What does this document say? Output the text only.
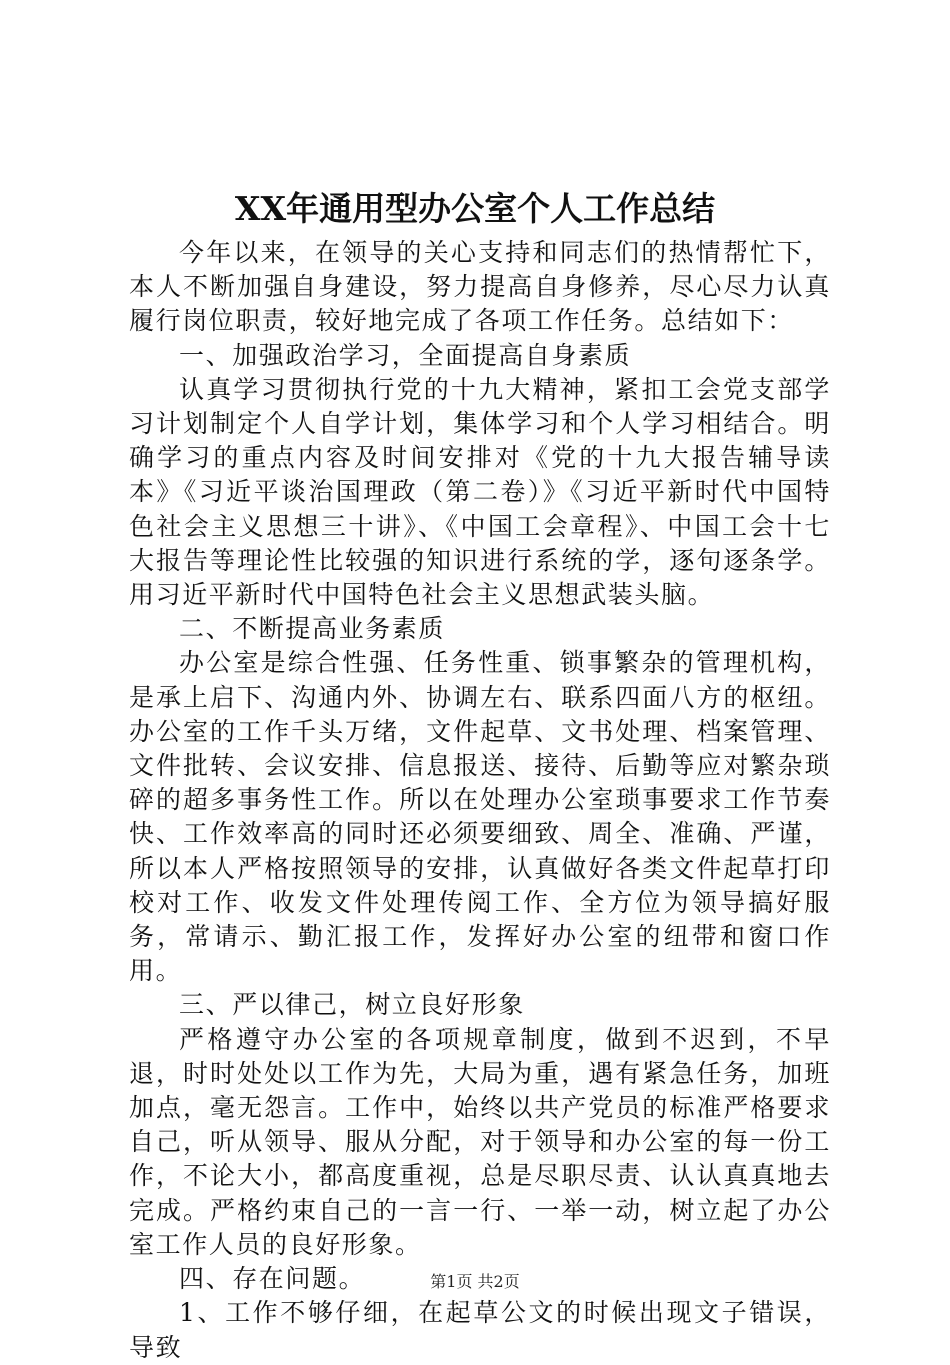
XX年通用型办公室个人工作总结

今年以来，在领导的关心支持和同志们的热情帮忙下，本人不断加强自身建设，努力提高自身修养，尽心尽力认真履行岗位职责，较好地完成了各项工作任务。总结如下：

一、加强政治学习，全面提高自身素质

认真学习贯彻执行党的十九大精神，紧扣工会党支部学习计划制定个人自学计划，集体学习和个人学习相结合。明确学习的重点内容及时间安排对《党的十九大报告辅导读本》《习近平谈治国理政（第二卷）》《习近平新时代中国特色社会主义思想三十讲》、《中国工会章程》、中国工会十七大报告等理论性比较强的知识进行系统的学，逐句逐条学。用习近平新时代中国特色社会主义思想武装头脑。

二、不断提高业务素质

办公室是综合性强、任务性重、锁事繁杂的管理机构，是承上启下、沟通内外、协调左右、联系四面八方的枢纽。办公室的工作千头万绪，文件起草、文书处理、档案管理、文件批转、会议安排、信息报送、接待、后勤等应对繁杂琐碎的超多事务性工作。所以在处理办公室琐事要求工作节奏快、工作效率高的同时还必须要细致、周全、准确、严谨，所以本人严格按照领导的安排，认真做好各类文件起草打印校对工作、收发文件处理传阅工作、全方位为领导搞好服务，常请示、勤汇报工作，发挥好办公室的纽带和窗口作用。

三、严以律己，树立良好形象

严格遵守办公室的各项规章制度，做到不迟到，不早退，时时处处以工作为先，大局为重，遇有紧急任务，加班加点，毫无怨言。工作中，始终以共产党员的标准严格要求自己，听从领导、服从分配，对于领导和办公室的每一份工作，不论大小，都高度重视，总是尽职尽责、认认真真地去完成。严格约束自己的一言一行、一举一动，树立起了办公室工作人员的良好形象。

四、存在问题。

1、工作不够仔细，在起草公文的时候出现文子错误，导致

第1页 共2页
